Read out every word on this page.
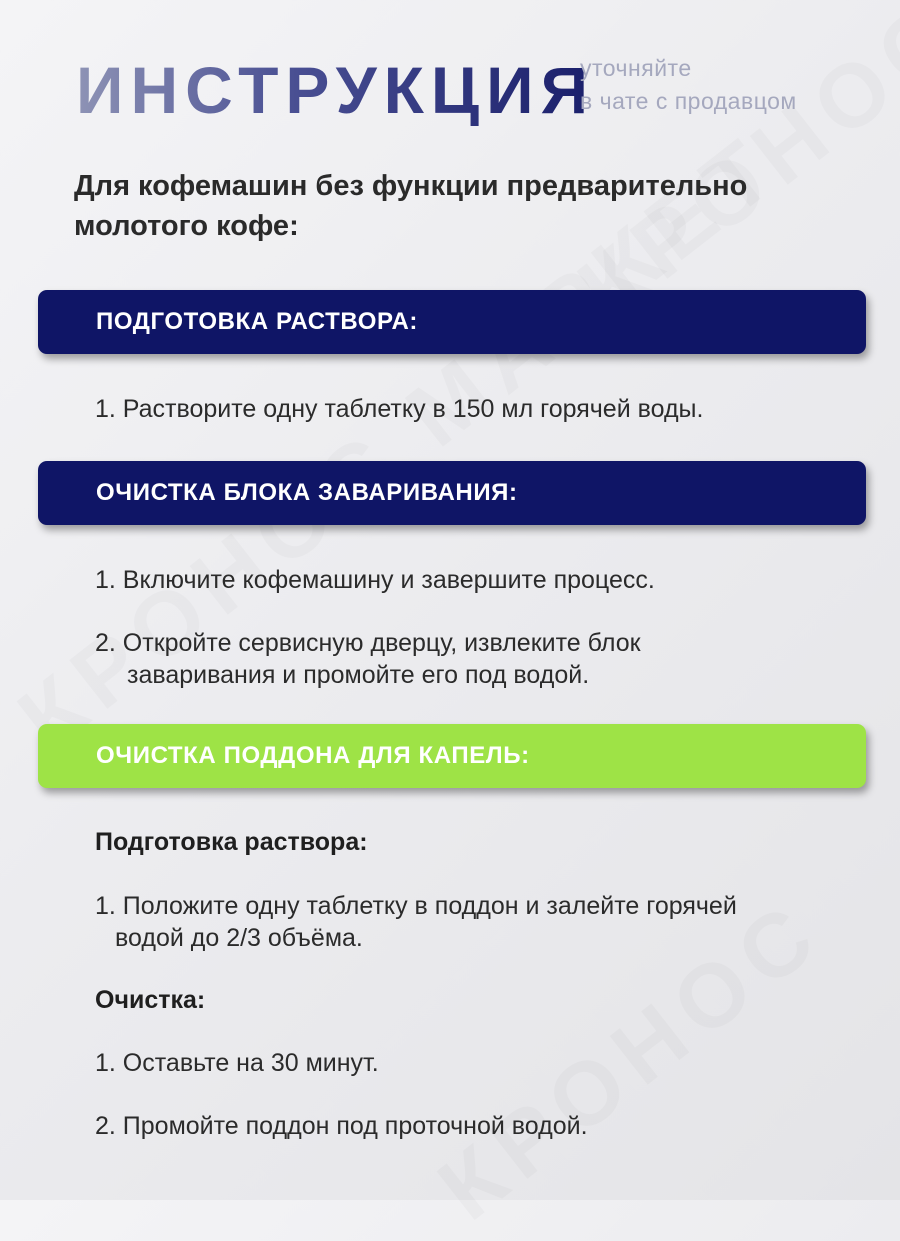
ИНСТРУКЦИЯ
уточняйте
в чате с продавцом
Для кофемашин без функции предварительно молотого кофе:
ПОДГОТОВКА РАСТВОРА:
1. Растворите одну таблетку в 150 мл горячей воды.
ОЧИСТКА БЛОКА ЗАВАРИВАНИЯ:
1. Включите кофемашину и завершите процесс.
2. Откройте сервисную дверцу, извлеките блок
заваривания и промойте его под водой.
ОЧИСТКА ПОДДОНА ДЛЯ КАПЕЛЬ:
Подготовка раствора:
1. Положите одну таблетку в поддон и залейте горячей
водой до 2/3 объёма.
Очистка:
1. Оставьте на 30 минут.
2. Промойте поддон под проточной водой.
